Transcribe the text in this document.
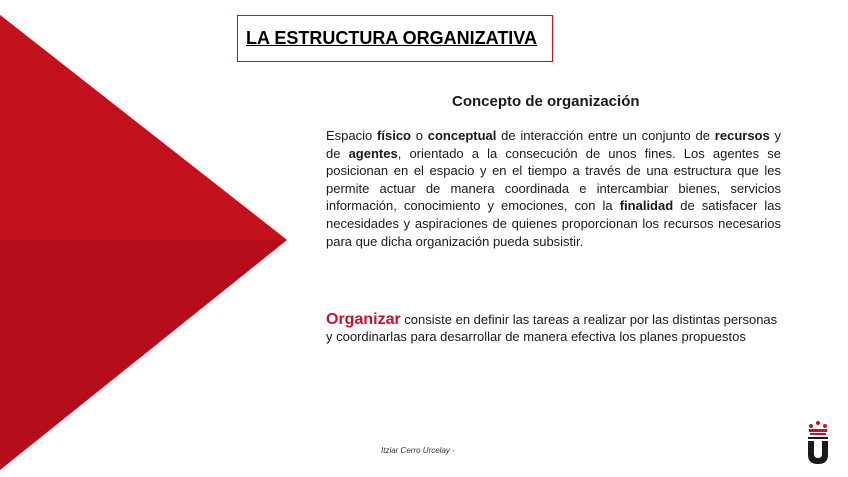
LA ESTRUCTURA ORGANIZATIVA
Concepto de organización
Espacio físico o conceptual de interacción entre un conjunto de recursos y de agentes, orientado a la consecución de unos fines. Los agentes se posicionan en el espacio y en el tiempo a través de una estructura que les permite actuar de manera coordinada e intercambiar bienes, servicios información, conocimiento y emociones, con la finalidad de satisfacer las necesidades y aspiraciones de quienes proporcionan los recursos necesarios para que dicha organización pueda subsistir.
Organizar consiste en definir las tareas a realizar por las distintas personas y coordinarlas para desarrollar de manera efectiva los planes propuestos
Itziar Cerro Urcelay -
